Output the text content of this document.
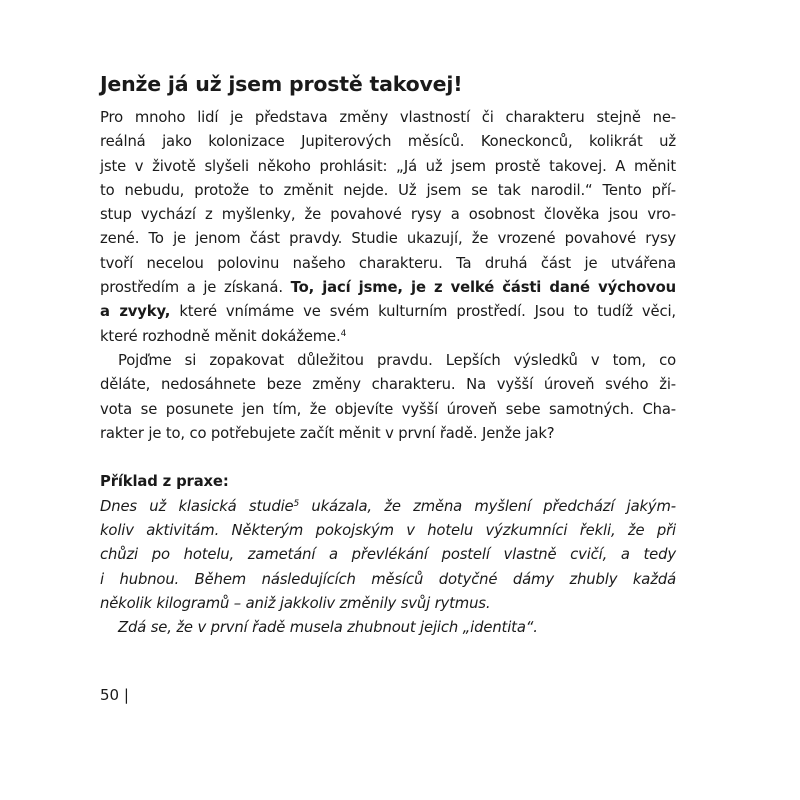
Jenže já už jsem prostě takovej!
Pro mnoho lidí je představa změny vlastností či charakteru stejně ne-
reálná jako kolonizace Jupiterových měsíců. Koneckonců, kolikrát už
jste v životě slyšeli někoho prohlásit: „Já už jsem prostě takovej. A měnit
to nebudu, protože to změnit nejde. Už jsem se tak narodil.“ Tento pří-
stup vychází z myšlenky, že povahové rysy a osobnost člověka jsou vro-
zené. To je jenom část pravdy. Studie ukazují, že vrozené povahové rysy
tvoří necelou polovinu našeho charakteru. Ta druhá část je utvářena
prostředím a je získaná. To, jací jsme, je z velké části dané výchovou
a zvyky, které vnímáme ve svém kulturním prostředí. Jsou to tudíž věci,
které rozhodně měnit dokážeme.$^4$
Pojďme si zopakovat důležitou pravdu. Lepších výsledků v tom, co
děláte, nedosáhnete beze změny charakteru. Na vyšší úroveň svého ži-
vota se posunete jen tím, že objevíte vyšší úroveň sebe samotných. Cha-
rakter je to, co potřebujete začít měnit v první řadě. Jenže jak?
Příklad z praxe:
Dnes už klasická studie$^5$ ukázala, že změna myšlení předchází jakým-
koliv aktivitám. Některým pokojským v hotelu výzkumníci řekli, že při
chůzi po hotelu, zametání a převlékání postelí vlastně cvičí, a tedy
i hubnou. Během následujících měsíců dotyčné dámy zhubly každá
několik kilogramů – aniž jakkoliv změnily svůj rytmus.
Zdá se, že v první řadě musela zhubnout jejich „identita“.
50 |
